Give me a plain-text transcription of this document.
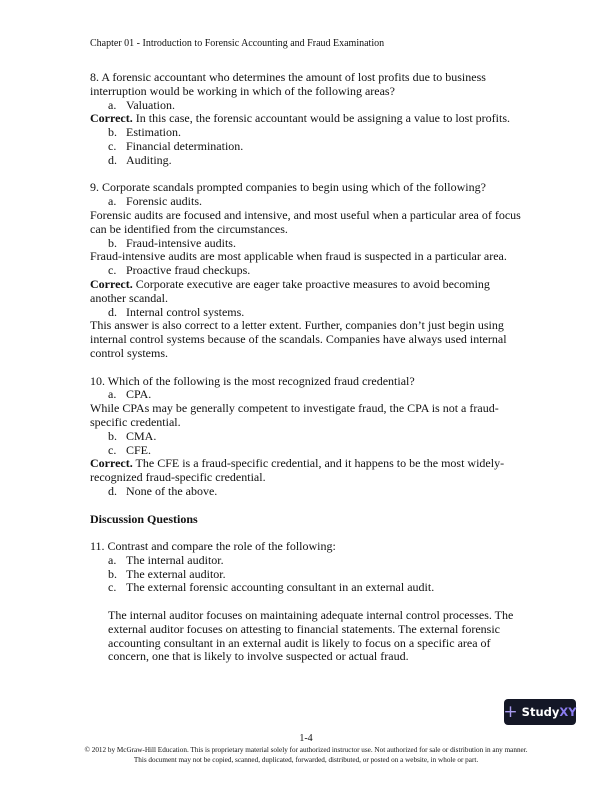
Chapter 01 - Introduction to Forensic Accounting and Fraud Examination

8. A forensic accountant who determines the amount of lost profits due to business interruption would be working in which of the following areas?

a. Valuation.

Correct. In this case, the forensic accountant would be assigning a value to lost profits.

b. Estimation.
c. Financial determination.
d. Auditing.

9. Corporate scandals prompted companies to begin using which of the following?

a. Forensic audits.

Forensic audits are focused and intensive, and most useful when a particular area of focus can be identified from the circumstances.

b. Fraud-intensive audits.

Fraud-intensive audits are most applicable when fraud is suspected in a particular area.

c. Proactive fraud checkups.

Correct. Corporate executive are eager take proactive measures to avoid becoming another scandal.

d. Internal control systems.

This answer is also correct to a letter extent. Further, companies don’t just begin using internal control systems because of the scandals. Companies have always used internal control systems.

10. Which of the following is the most recognized fraud credential?

a. CPA.

While CPAs may be generally competent to investigate fraud, the CPA is not a fraud-specific credential.

b. CMA.
c. CFE.

Correct. The CFE is a fraud-specific credential, and it happens to be the most widely-recognized fraud-specific credential.

d. None of the above.
Discussion Questions

11. Contrast and compare the role of the following:

a. The internal auditor.
b. The external auditor.
c. The external forensic accounting consultant in an external audit.
The internal auditor focuses on maintaining adequate internal control processes. The external auditor focuses on attesting to financial statements. The external forensic accounting consultant in an external audit is likely to focus on a specific area of concern, one that is likely to involve suspected or actual fraud.
+ Study XY
1-4
© 2012 by McGraw-Hill Education. This is proprietary material solely for authorized instructor use. Not authorized for sale or distribution in any manner. This document may not be copied, scanned, duplicated, forwarded, distributed, or posted on a website, in whole or part.
